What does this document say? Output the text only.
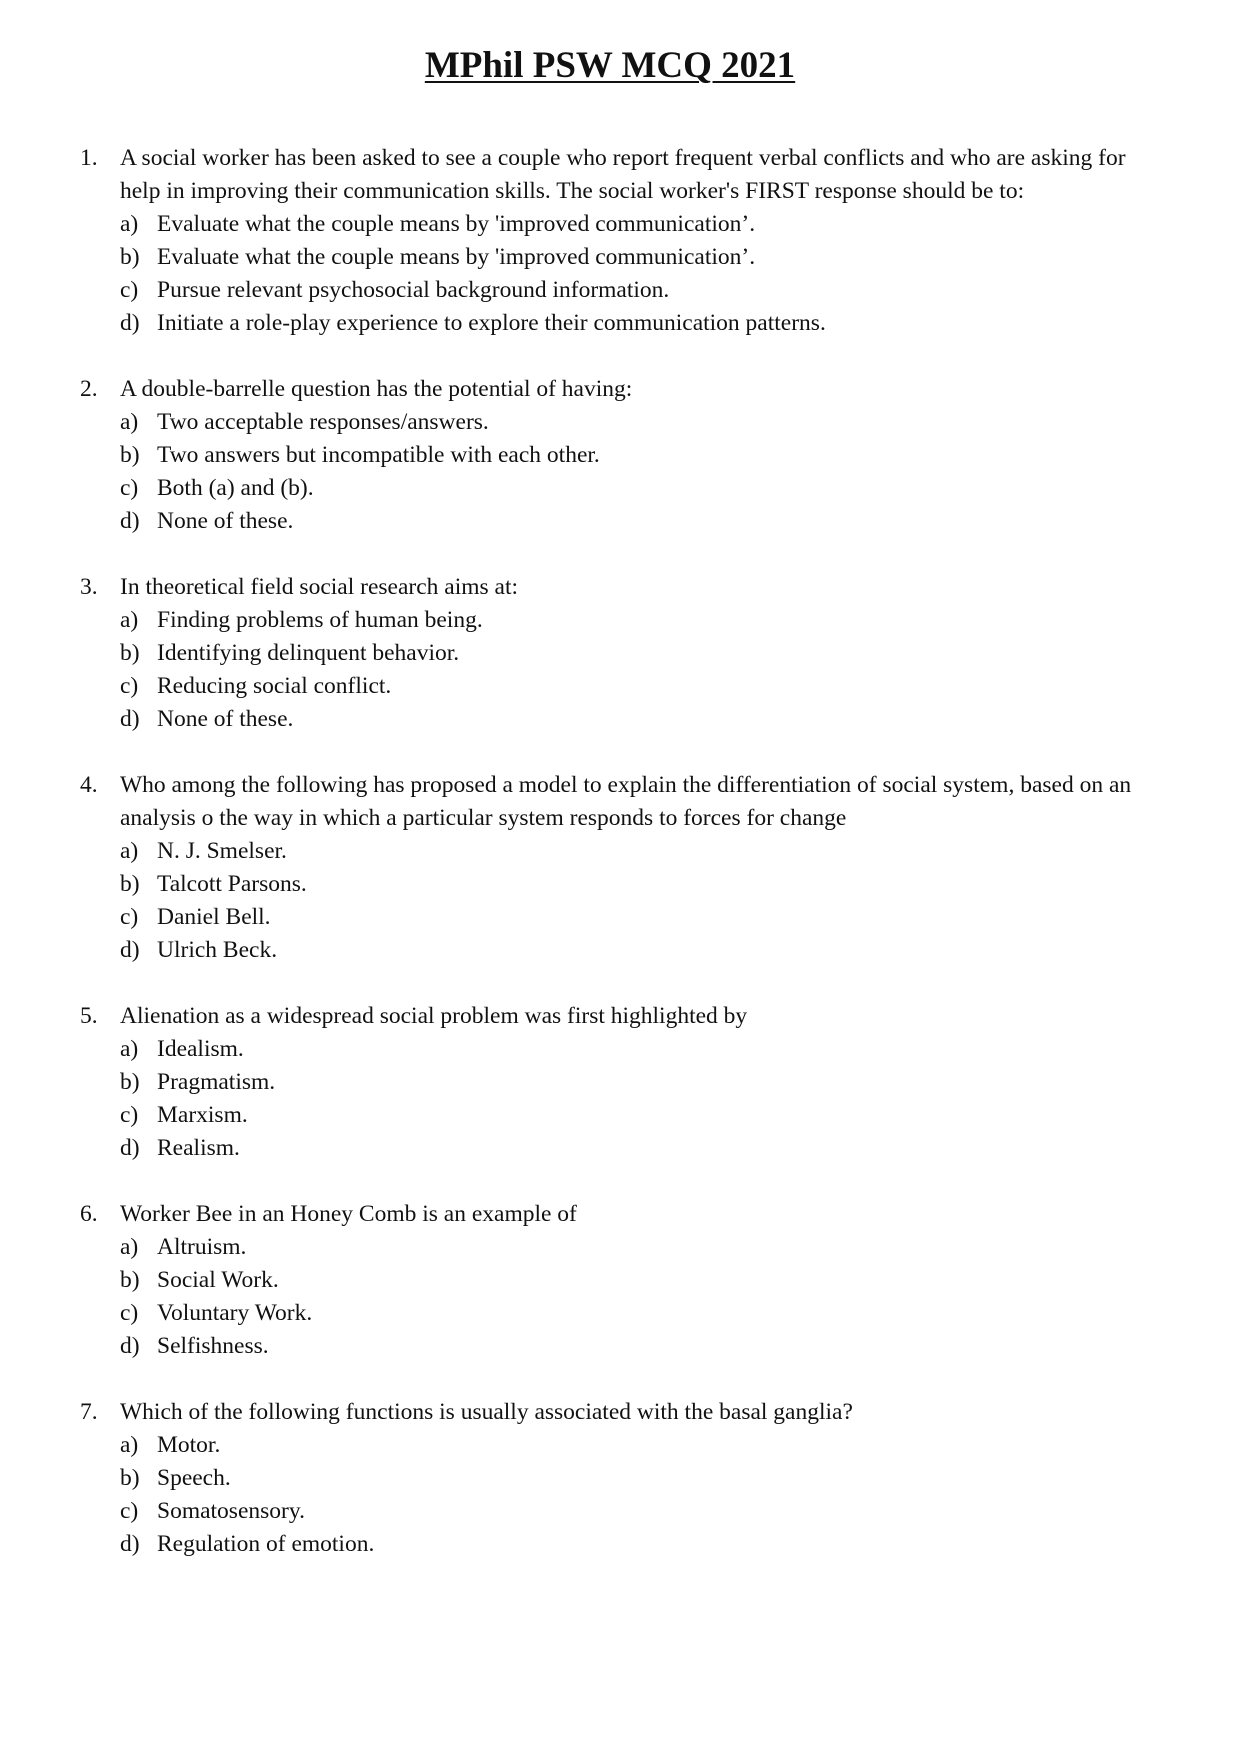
MPhil PSW MCQ 2021
1. A social worker has been asked to see a couple who report frequent verbal conflicts and who are asking for help in improving their communication skills. The social worker's FIRST response should be to:
a) Evaluate what the couple means by 'improved communication’.
b) Evaluate what the couple means by 'improved communication’.
c) Pursue relevant psychosocial background information.
d) Initiate a role-play experience to explore their communication patterns.
2. A double-barrelle question has the potential of having:
a) Two acceptable responses/answers.
b) Two answers but incompatible with each other.
c) Both (a) and (b).
d) None of these.
3. In theoretical field social research aims at:
a) Finding problems of human being.
b) Identifying delinquent behavior.
c) Reducing social conflict.
d) None of these.
4. Who among the following has proposed a model to explain the differentiation of social system, based on an analysis o the way in which a particular system responds to forces for change
a) N. J. Smelser.
b) Talcott Parsons.
c) Daniel Bell.
d) Ulrich Beck.
5. Alienation as a widespread social problem was first highlighted by
a) Idealism.
b) Pragmatism.
c) Marxism.
d) Realism.
6. Worker Bee in an Honey Comb is an example of
a) Altruism.
b) Social Work.
c) Voluntary Work.
d) Selfishness.
7. Which of the following functions is usually associated with the basal ganglia?
a) Motor.
b) Speech.
c) Somatosensory.
d) Regulation of emotion.
